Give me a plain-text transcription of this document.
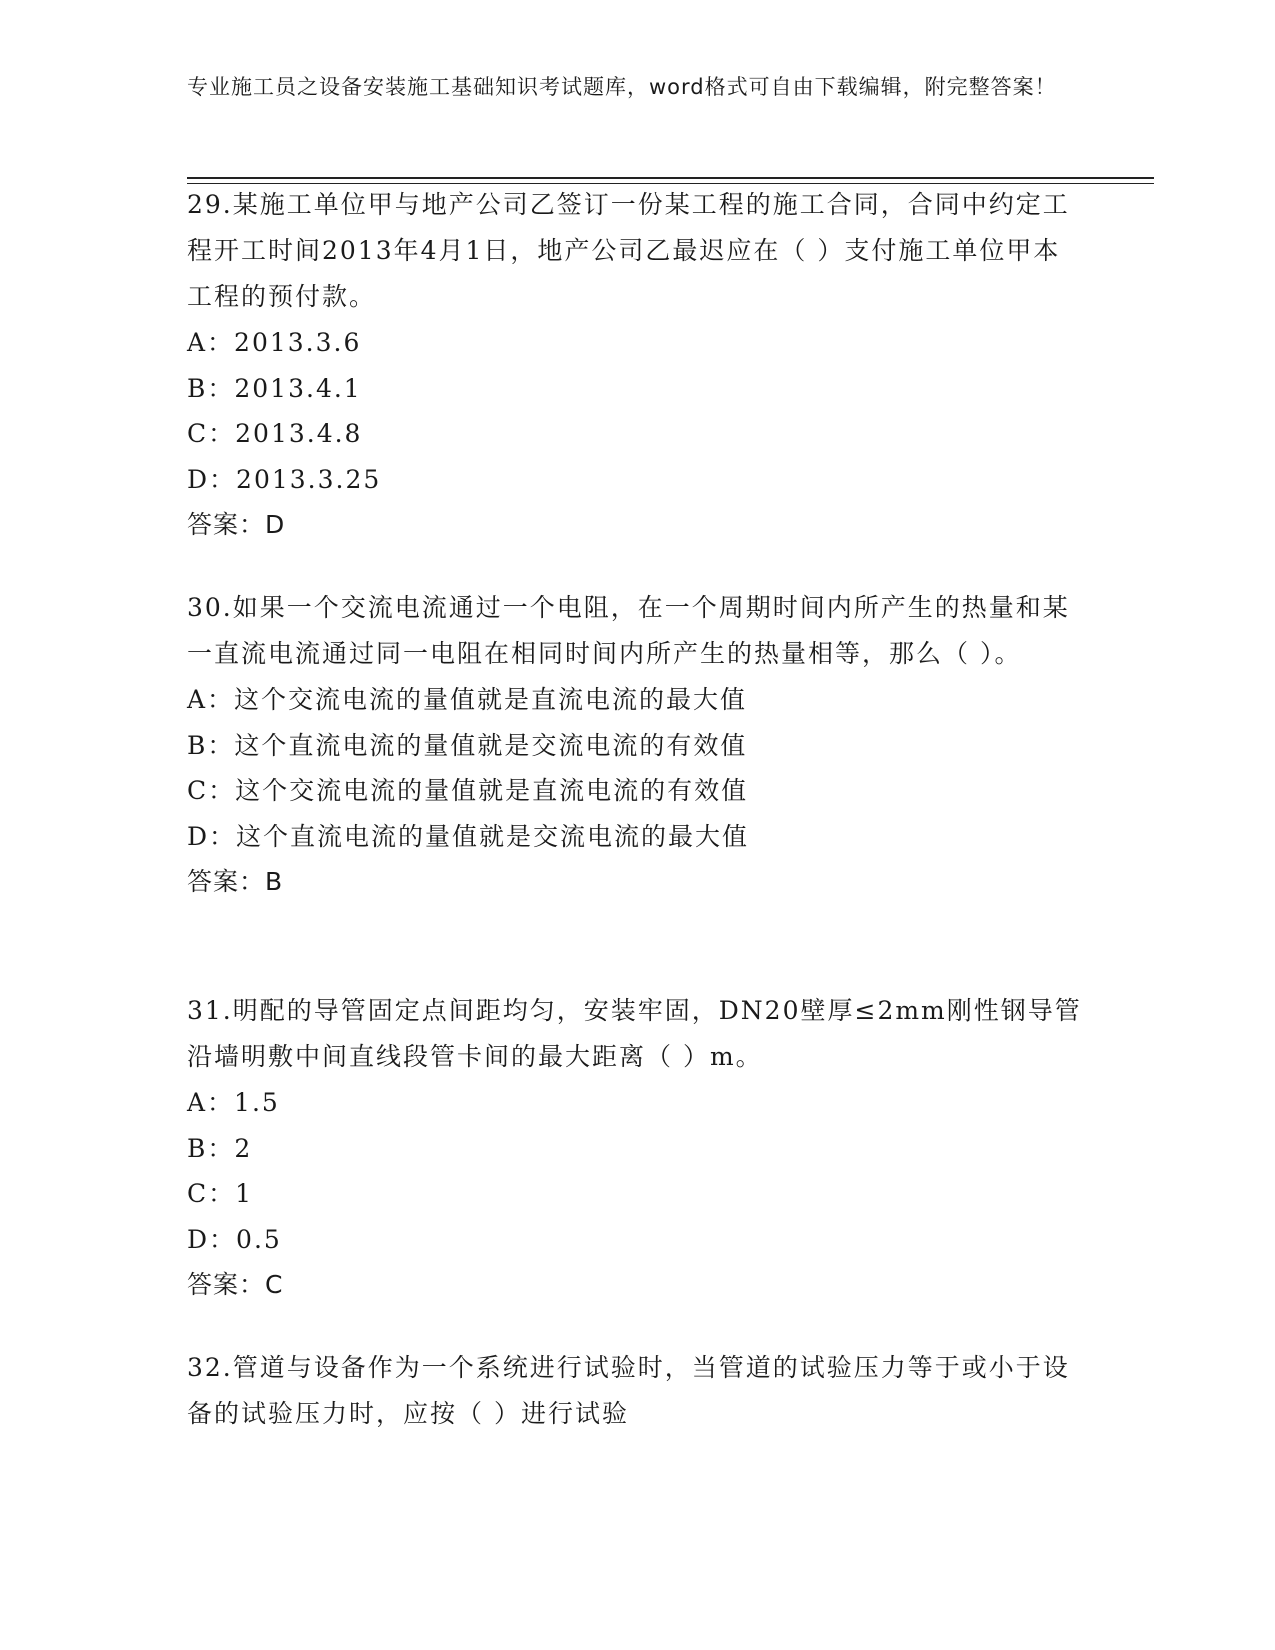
专业施工员之设备安装施工基础知识考试题库，word格式可自由下载编辑，附完整答案！
29.某施工单位甲与地产公司乙签订一份某工程的施工合同，合同中约定工程开工时间2013年4月1日，地产公司乙最迟应在（ ）支付施工单位甲本工程的预付款。
A：2013.3.6
B：2013.4.1
C：2013.4.8
D：2013.3.25
答案：D
30.如果一个交流电流通过一个电阻，在一个周期时间内所产生的热量和某一直流电流通过同一电阻在相同时间内所产生的热量相等，那么（ ）。
A：这个交流电流的量值就是直流电流的最大值
B：这个直流电流的量值就是交流电流的有效值
C：这个交流电流的量值就是直流电流的有效值
D：这个直流电流的量值就是交流电流的最大值
答案：B
31.明配的导管固定点间距均匀，安装牢固，DN20壁厚≤2mm刚性钢导管沿墙明敷中间直线段管卡间的最大距离（ ）m。
A：1.5
B：2
C：1
D：0.5
答案：C
32.管道与设备作为一个系统进行试验时，当管道的试验压力等于或小于设备的试验压力时，应按（ ）进行试验
